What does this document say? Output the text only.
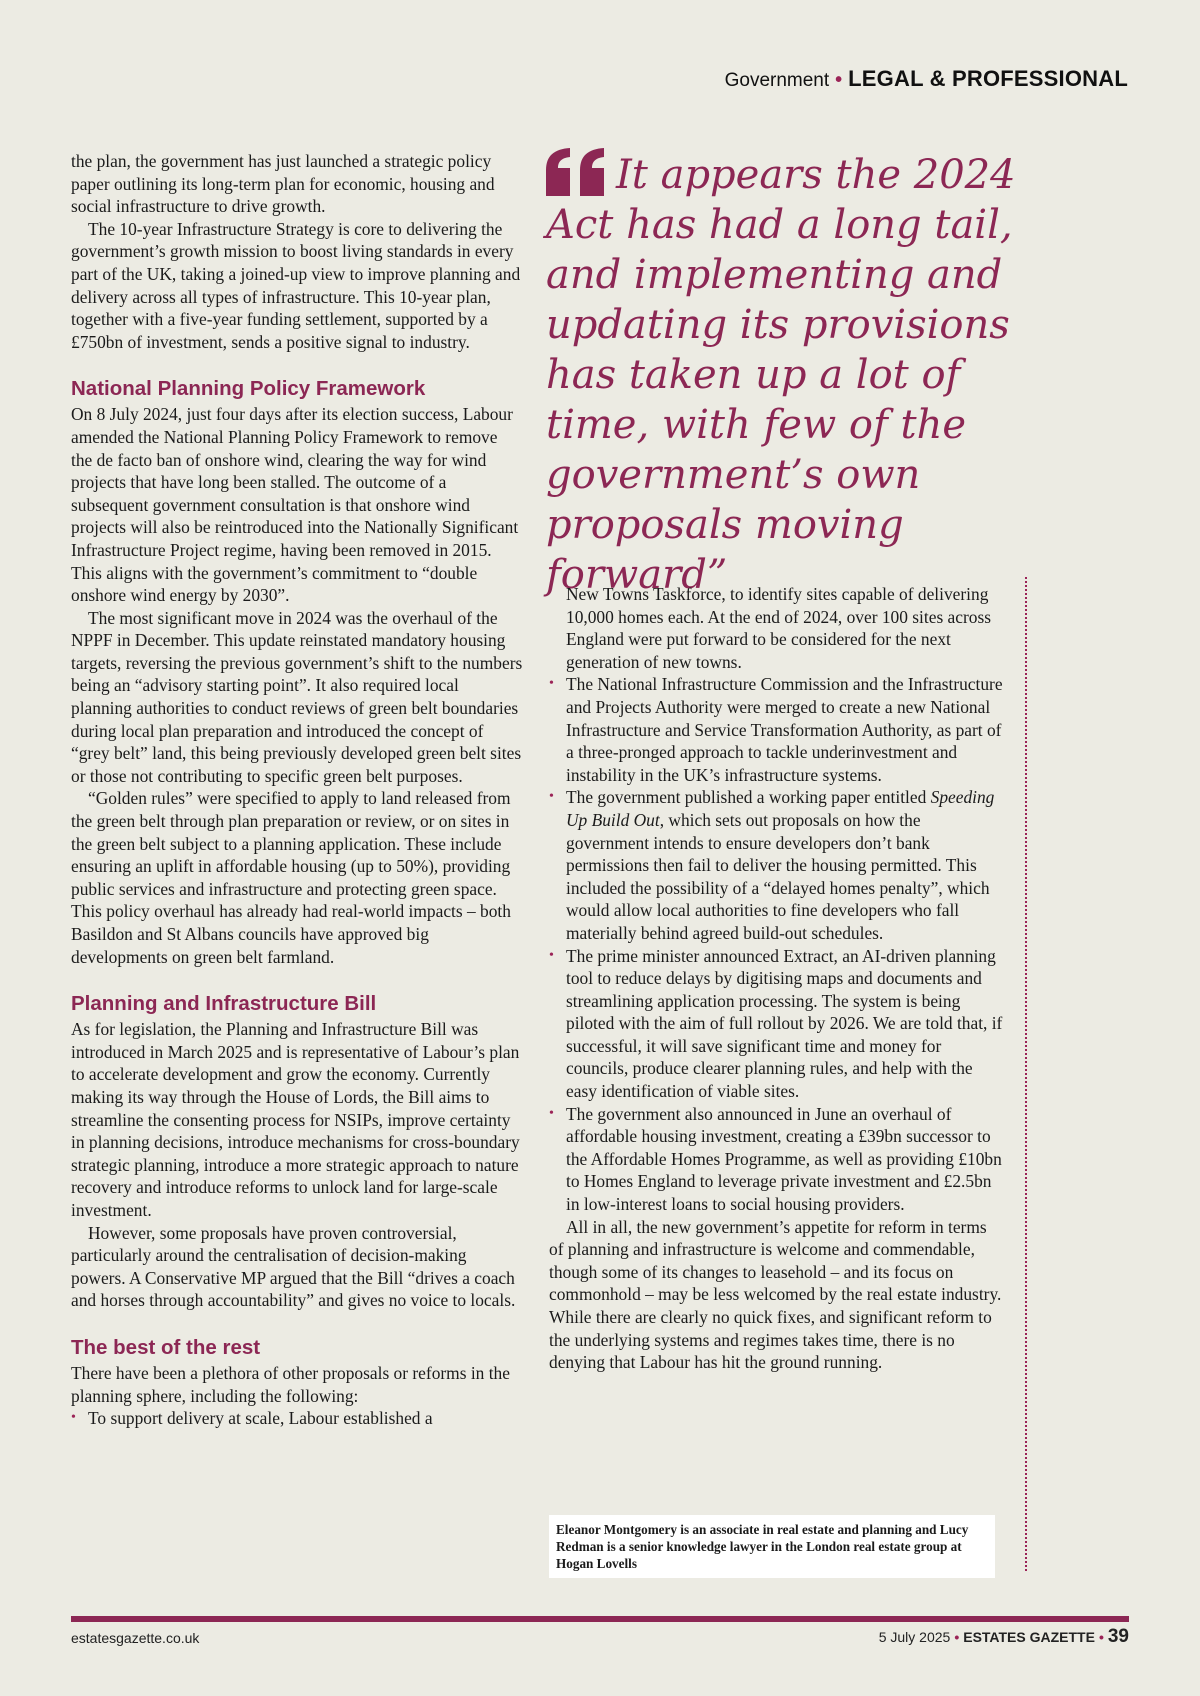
Government • LEGAL & PROFESSIONAL

the plan, the government has just launched a strategic policy paper outlining its long-term plan for economic, housing and social infrastructure to drive growth.

The 10-year Infrastructure Strategy is core to delivering the government’s growth mission to boost living standards in every part of the UK, taking a joined-up view to improve planning and delivery across all types of infrastructure. This 10-year plan, together with a five-year funding settlement, supported by a £750bn of investment, sends a positive signal to industry.

National Planning Policy Framework

On 8 July 2024, just four days after its election success, Labour amended the National Planning Policy Framework to remove the de facto ban of onshore wind, clearing the way for wind projects that have long been stalled. The outcome of a subsequent government consultation is that onshore wind projects will also be reintroduced into the Nationally Significant Infrastructure Project regime, having been removed in 2015. This aligns with the government’s commitment to “double onshore wind energy by 2030”.

The most significant move in 2024 was the overhaul of the NPPF in December. This update reinstated mandatory housing targets, reversing the previous government’s shift to the numbers being an “advisory starting point”. It also required local planning authorities to conduct reviews of green belt boundaries during local plan preparation and introduced the concept of “grey belt” land, this being previously developed green belt sites or those not contributing to specific green belt purposes.

“Golden rules” were specified to apply to land released from the green belt through plan preparation or review, or on sites in the green belt subject to a planning application. These include ensuring an uplift in affordable housing (up to 50%), providing public services and infrastructure and protecting green space. This policy overhaul has already had real-world impacts – both Basildon and St Albans councils have approved big developments on green belt farmland.

Planning and Infrastructure Bill

As for legislation, the Planning and Infrastructure Bill was introduced in March 2025 and is representative of Labour’s plan to accelerate development and grow the economy. Currently making its way through the House of Lords, the Bill aims to streamline the consenting process for NSIPs, improve certainty in planning decisions, introduce mechanisms for cross-boundary strategic planning, introduce a more strategic approach to nature recovery and introduce reforms to unlock land for large-scale investment.

However, some proposals have proven controversial, particularly around the centralisation of decision-making powers. A Conservative MP argued that the Bill “drives a coach and horses through accountability” and gives no voice to locals.

The best of the rest

There have been a plethora of other proposals or reforms in the planning sphere, including the following:

• To support delivery at scale, Labour established a
It appears the 2024 Act has had a long tail, and implementing and updating its provisions has taken up a lot of time, with few of the government’s own proposals moving forward”

New Towns Taskforce, to identify sites capable of delivering 10,000 homes each. At the end of 2024, over 100 sites across England were put forward to be considered for the next generation of new towns.

• The National Infrastructure Commission and the Infrastructure and Projects Authority were merged to create a new National Infrastructure and Service Transformation Authority, as part of a three-pronged approach to tackle underinvestment and instability in the UK’s infrastructure systems.
• The government published a working paper entitled Speeding Up Build Out, which sets out proposals on how the government intends to ensure developers don’t bank permissions then fail to deliver the housing permitted. This included the possibility of a “delayed homes penalty”, which would allow local authorities to fine developers who fall materially behind agreed build-out schedules.
• The prime minister announced Extract, an AI-driven planning tool to reduce delays by digitising maps and documents and streamlining application processing. The system is being piloted with the aim of full rollout by 2026. We are told that, if successful, it will save significant time and money for councils, produce clearer planning rules, and help with the easy identification of viable sites.
• The government also announced in June an overhaul of affordable housing investment, creating a £39bn successor to the Affordable Homes Programme, as well as providing £10bn to Homes England to leverage private investment and £2.5bn in low-interest loans to social housing providers.

All in all, the new government’s appetite for reform in terms of planning and infrastructure is welcome and commendable, though some of its changes to leasehold – and its focus on commonhold – may be less welcomed by the real estate industry. While there are clearly no quick fixes, and significant reform to the underlying systems and regimes takes time, there is no denying that Labour has hit the ground running.

Eleanor Montgomery is an associate in real estate and planning and Lucy Redman is a senior knowledge lawyer in the London real estate group at Hogan Lovells
estatesgazette.co.uk	5 July 2025 • ESTATES GAZETTE • 39
